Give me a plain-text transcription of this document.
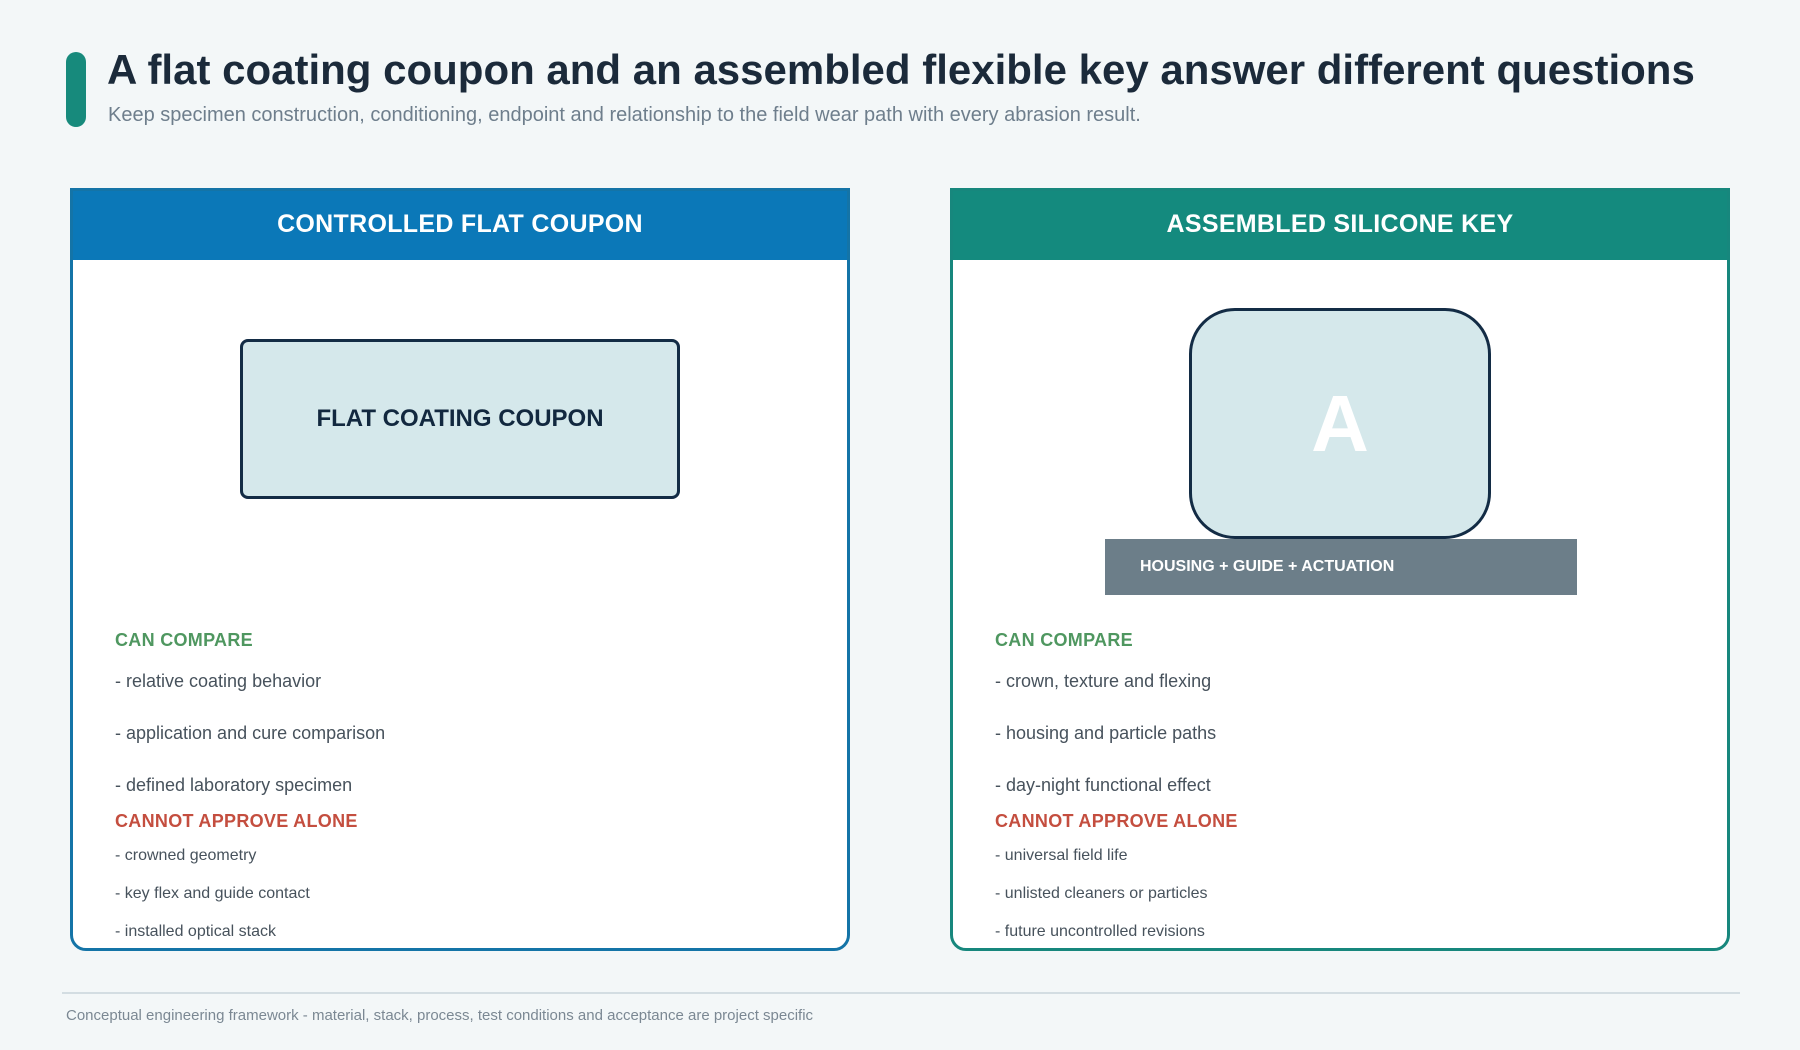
A flat coating coupon and an assembled flexible key answer different questions

Keep specimen construction, conditioning, endpoint and relationship to the field wear path with every abrasion result.

CONTROLLED FLAT COUPON
FLAT COATING COUPON
CAN COMPARE
- relative coating behavior
- application and cure comparison
- defined laboratory specimen
CANNOT APPROVE ALONE
- crowned geometry
- key flex and guide contact
- installed optical stack
ASSEMBLED SILICONE KEY
A
HOUSING + GUIDE + ACTUATION
CAN COMPARE
- crown, texture and flexing
- housing and particle paths
- day-night functional effect
CANNOT APPROVE ALONE
- universal field life
- unlisted cleaners or particles
- future uncontrolled revisions

Conceptual engineering framework - material, stack, process, test conditions and acceptance are project specific
